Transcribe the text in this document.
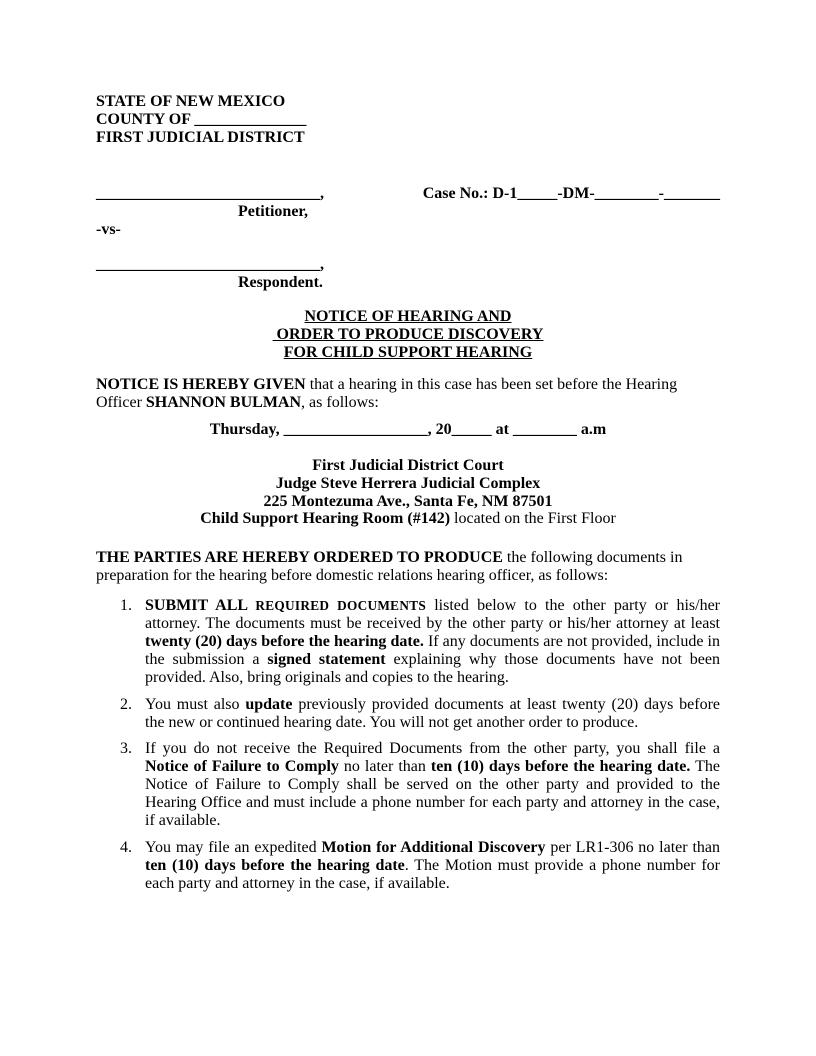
STATE OF NEW MEXICO
COUNTY OF ______________
FIRST JUDICIAL DISTRICT
____________________________,	Case No.: D-1_____-DM-________-_______
Petitioner,
-vs-
____________________________,
Respondent.
NOTICE OF HEARING AND
ORDER TO PRODUCE DISCOVERY
FOR CHILD SUPPORT HEARING

NOTICE IS HEREBY GIVEN that a hearing in this case has been set before the Hearing Officer SHANNON BULMAN, as follows:

Thursday, __________________, 20_____ at ________ a.m
First Judicial District Court
Judge Steve Herrera Judicial Complex
225 Montezuma Ave., Santa Fe, NM 87501
Child Support Hearing Room (#142) located on the First Floor

THE PARTIES ARE HEREBY ORDERED TO PRODUCE the following documents in preparation for the hearing before domestic relations hearing officer, as follows:

1. SUBMIT ALL REQUIRED DOCUMENTS listed below to the other party or his/her attorney. The documents must be received by the other party or his/her attorney at least twenty (20) days before the hearing date. If any documents are not provided, include in the submission a signed statement explaining why those documents have not been provided. Also, bring originals and copies to the hearing.
2. You must also update previously provided documents at least twenty (20) days before the new or continued hearing date. You will not get another order to produce.
3. If you do not receive the Required Documents from the other party, you shall file a Notice of Failure to Comply no later than ten (10) days before the hearing date. The Notice of Failure to Comply shall be served on the other party and provided to the Hearing Office and must include a phone number for each party and attorney in the case, if available.
4. You may file an expedited Motion for Additional Discovery per LR1-306 no later than ten (10) days before the hearing date. The Motion must provide a phone number for each party and attorney in the case, if available.
